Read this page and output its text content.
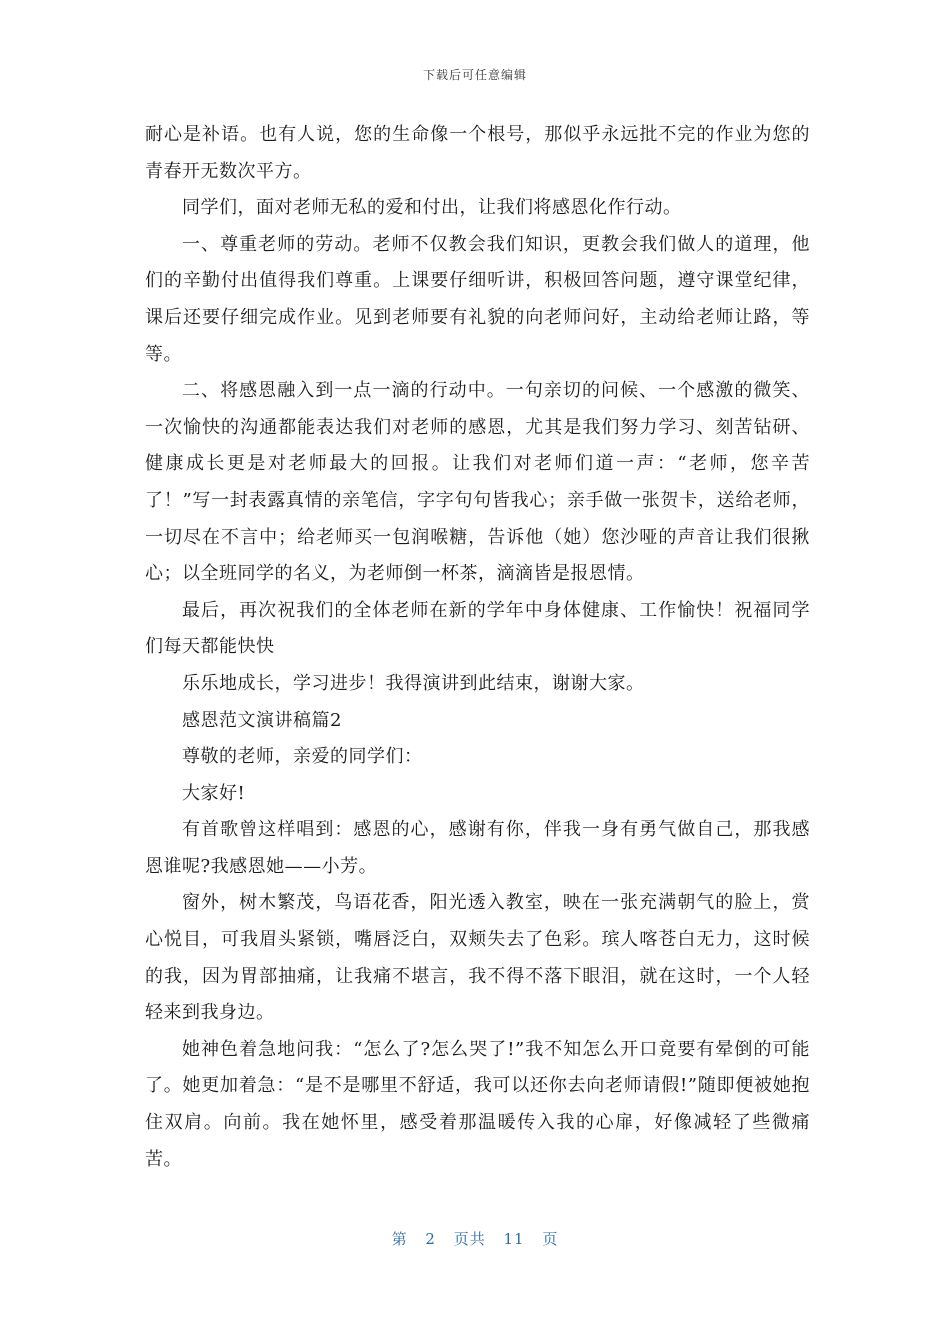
下载后可任意编辑

耐心是补语。也有人说，您的生命像一个根号，那似乎永远批不完的作业为您的青春开无数次平方。

同学们，面对老师无私的爱和付出，让我们将感恩化作行动。

一、尊重老师的劳动。老师不仅教会我们知识，更教会我们做人的道理，他们的辛勤付出值得我们尊重。上课要仔细听讲，积极回答问题，遵守课堂纪律，课后还要仔细完成作业。见到老师要有礼貌的向老师问好，主动给老师让路，等等。

二、将感恩融入到一点一滴的行动中。一句亲切的问候、一个感激的微笑、一次愉快的沟通都能表达我们对老师的感恩，尤其是我们努力学习、刻苦钻研、健康成长更是对老师最大的回报。让我们对老师们道一声：“老师，您辛苦了！”写一封表露真情的亲笔信，字字句句皆我心；亲手做一张贺卡，送给老师，一切尽在不言中；给老师买一包润喉糖，告诉他（她）您沙哑的声音让我们很揪心；以全班同学的名义，为老师倒一杯茶，滴滴皆是报恩情。

最后，再次祝我们的全体老师在新的学年中身体健康、工作愉快！祝福同学们每天都能快快

乐乐地成长，学习进步！我得演讲到此结束，谢谢大家。

感恩范文演讲稿篇2

尊敬的老师，亲爱的同学们：

大家好!

有首歌曾这样唱到：感恩的心，感谢有你，伴我一身有勇气做自己，那我感恩谁呢?我感恩她——小芳。

窗外，树木繁茂，鸟语花香，阳光透入教室，映在一张充满朝气的脸上，赏心悦目，可我眉头紧锁，嘴唇泛白，双颊失去了色彩。瑸人喀苍白无力，这时候的我，因为胃部抽痛，让我痛不堪言，我不得不落下眼泪，就在这时，一个人轻轻来到我身边。

她神色着急地问我：“怎么了?怎么哭了!”我不知怎么开口竟要有晕倒的可能了。她更加着急：“是不是哪里不舒适，我可以还你去向老师请假!”随即便被她抱住双肩。向前。我在她怀里，感受着那温暖传入我的心扉，好像减轻了些微痛苦。

第 2 页共 11 页
